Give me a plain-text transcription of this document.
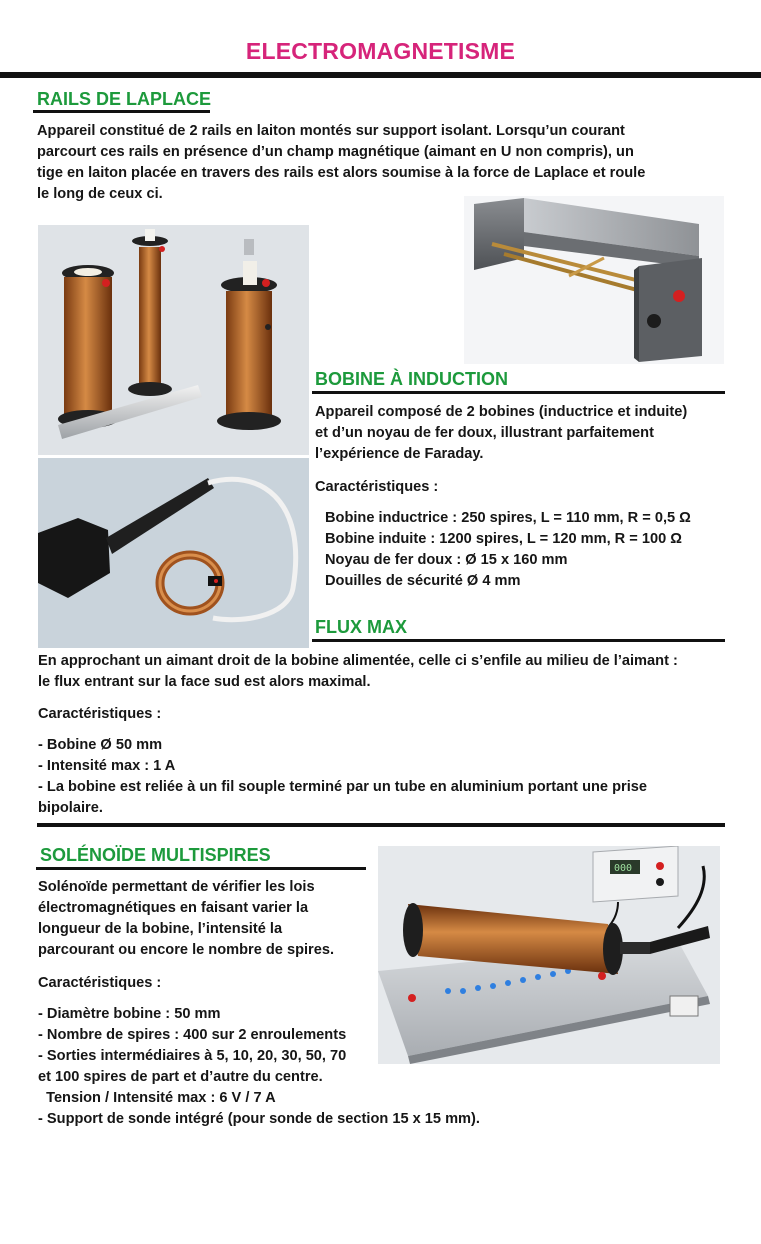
ELECTROMAGNETISME
RAILS DE LAPLACE
Appareil constitué de 2 rails en laiton montés sur support isolant. Lorsqu’un courant
parcourt ces rails en présence d’un champ magnétique (aimant en U non compris), un
tige en laiton placée en travers des rails est alors soumise à la force de Laplace et roule
le long de ceux ci.
BOBINE À INDUCTION
Appareil composé de 2 bobines (inductrice et induite)
et d’un noyau de fer doux, illustrant parfaitement
l’expérience de Faraday.
Caractéristiques :
Bobine inductrice : 250 spires, L = 110 mm, R = 0,5 Ω
Bobine induite : 1200 spires, L = 120 mm, R = 100 Ω
Noyau de fer doux : Ø 15 x 160 mm
Douilles de sécurité Ø 4 mm
FLUX MAX
En approchant un aimant droit de la bobine alimentée, celle ci s’enfile au milieu de l’aimant :
le flux entrant sur la face sud est alors maximal.
Caractéristiques :
- Bobine Ø 50 mm
- Intensité max : 1 A
- La bobine est reliée à un fil souple terminé par un tube en aluminium portant une prise
bipolaire.
SOLÉNOÏDE MULTISPIRES
Solénoïde permettant de vérifier les lois
électromagnétiques en faisant varier la
longueur de la bobine, l’intensité la
parcourant ou encore le nombre de spires.
Caractéristiques :
- Diamètre bobine : 50 mm
- Nombre de spires : 400 sur 2 enroulements
- Sorties intermédiaires à 5, 10, 20, 30, 50, 70
et 100 spires de part et d’autre du centre.
Tension / Intensité max : 6 V / 7 A
- Support de sonde intégré (pour sonde de section 15 x 15 mm).
000
